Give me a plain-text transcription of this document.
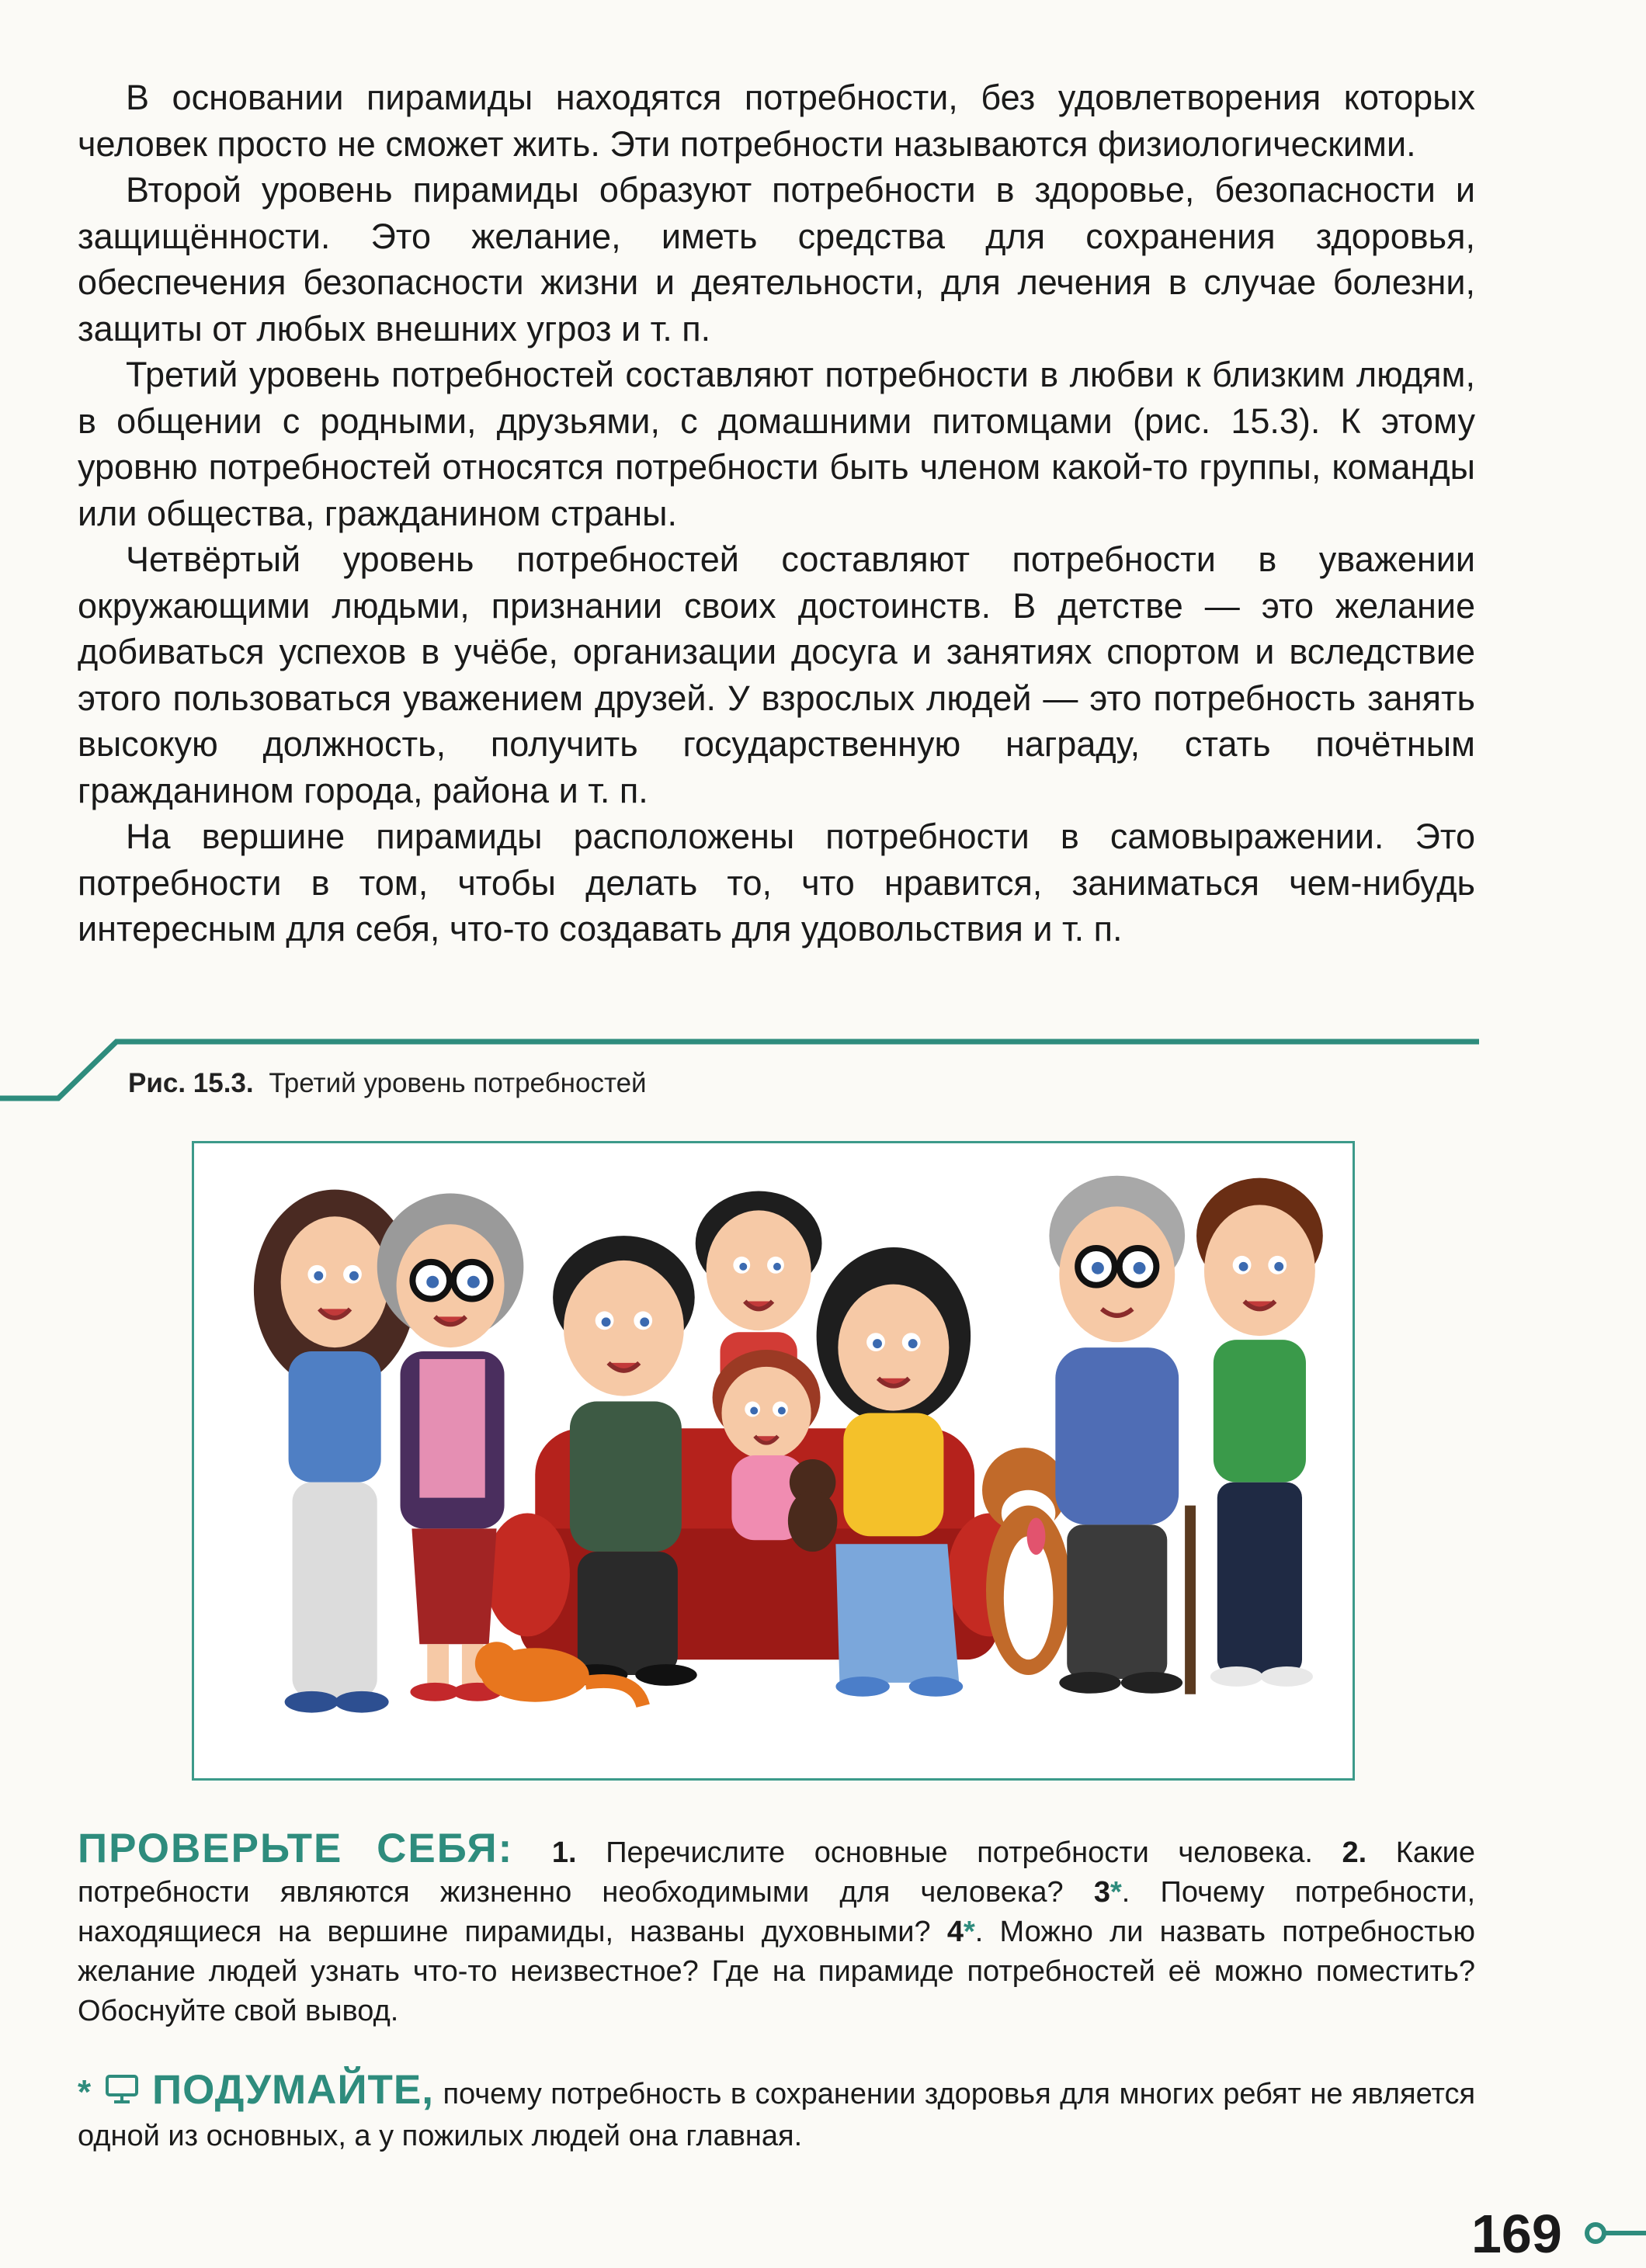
В основании пирамиды находятся потребности, без удовлетворения которых человек просто не сможет жить. Эти потребности называются физиологическими.

Второй уровень пирамиды образуют потребности в здоровье, безопасности и защищённости. Это желание, иметь средства для сохранения здоровья, обеспечения безопасности жизни и деятельности, для лечения в случае болезни, защиты от любых внешних угроз и т. п.

Третий уровень потребностей составляют потребности в любви к близким людям, в общении с родными, друзьями, с домашними питомцами (рис. 15.3). К этому уровню потребностей относятся потребности быть членом какой-то группы, команды или общества, гражданином страны.

Четвёртый уровень потребностей составляют потребности в уважении окружающими людьми, признании своих достоинств. В детстве — это желание добиваться успехов в учёбе, организации досуга и занятиях спортом и вследствие этого пользоваться уважением друзей. У взрослых людей — это потребность занять высокую должность, получить государственную награду, стать почётным гражданином города, района и т. п.

На вершине пирамиды расположены потребности в самовыражении. Это потребности в том, чтобы делать то, что нравится, заниматься чем-нибудь интересным для себя, что-то создавать для удовольствия и т. п.

Рис. 15.3. Третий уровень потребностей
ПРОВЕРЬТЕ СЕБЯ: 1. Перечислите основные потребности человека. 2. Какие потребности являются жизненно необходимыми для человека? 3*. Почему потребности, находящиеся на вершине пирамиды, названы духовными? 4*. Можно ли назвать потребностью желание людей узнать что-то неизвестное? Где на пирамиде потребностей её можно поместить? Обоснуйте свой вывод.
* ПОДУМАЙТЕ, почему потребность в сохранении здоровья для многих ребят не является одной из основных, а у пожилых людей она главная.
169
